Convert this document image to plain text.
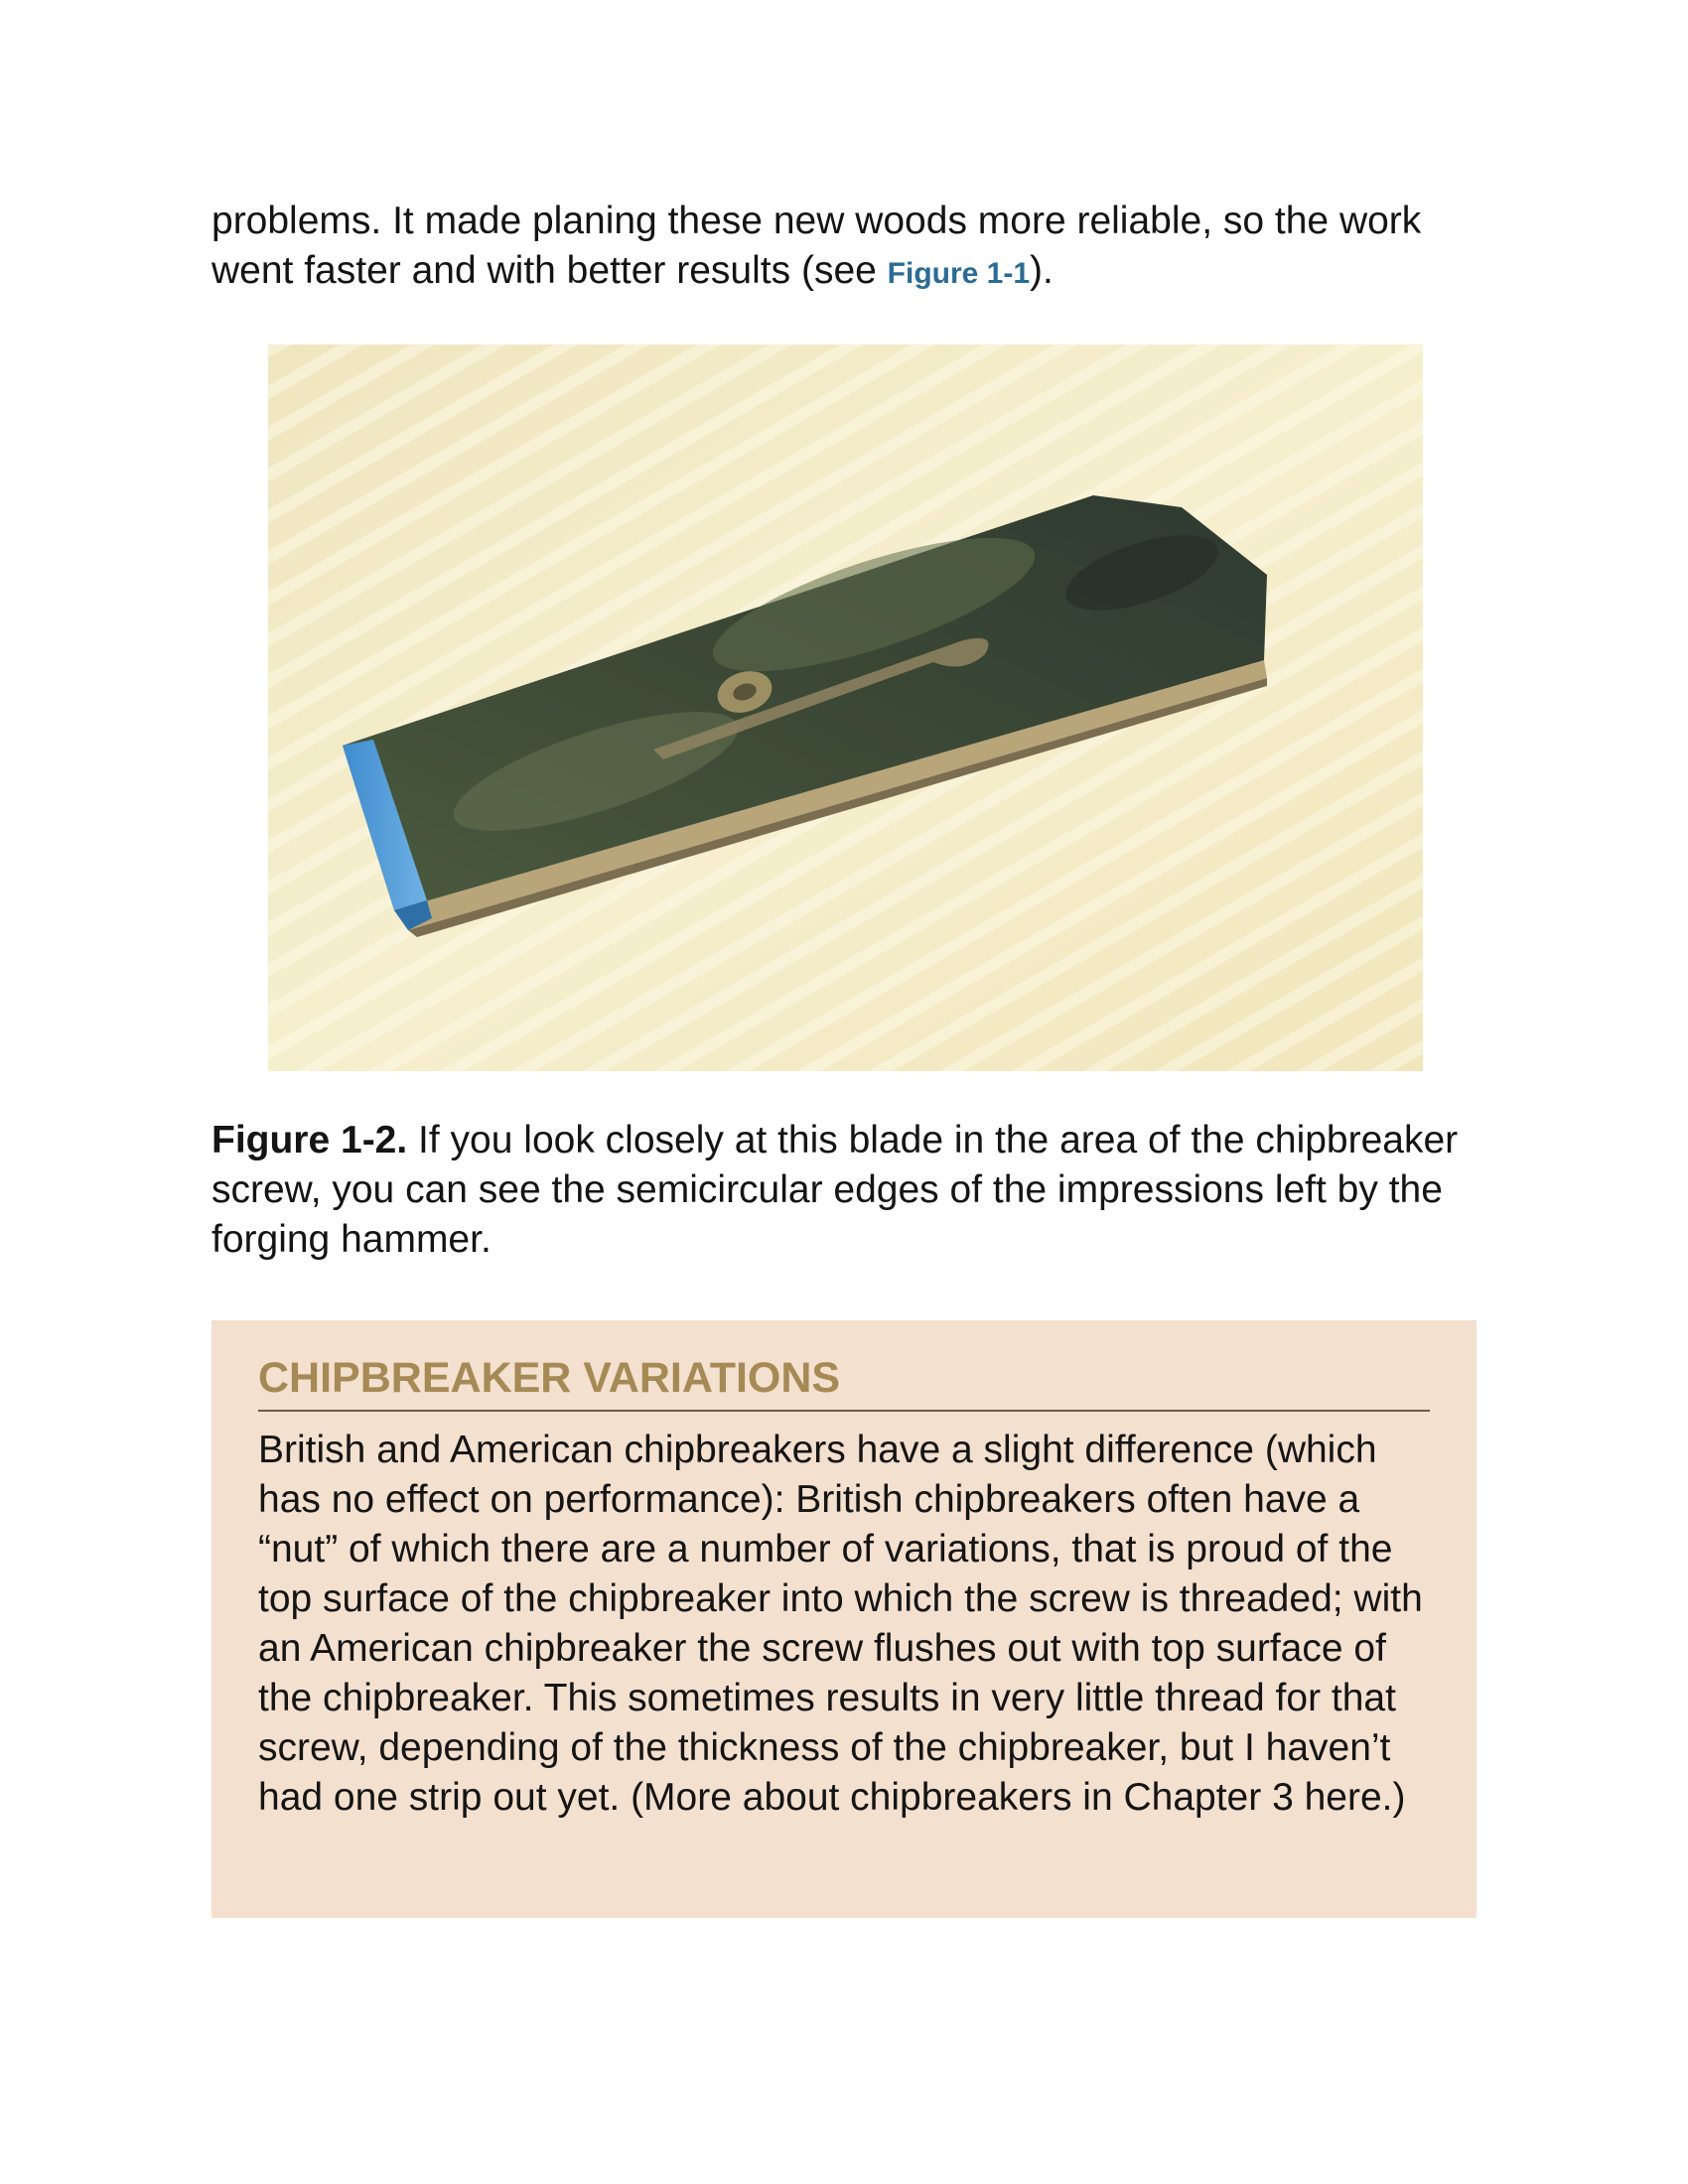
problems. It made planing these new woods more reliable, so the work went faster and with better results (see Figure 1-1).

Figure 1-2. If you look closely at this blade in the area of the chipbreaker screw, you can see the semicircular edges of the impressions left by the forging hammer.

CHIPBREAKER VARIATIONS

British and American chipbreakers have a slight difference (which has no effect on performance): British chipbreakers often have a “nut” of which there are a number of variations, that is proud of the top surface of the chipbreaker into which the screw is threaded; with an American chipbreaker the screw flushes out with top surface of the chipbreaker. This sometimes results in very little thread for that screw, depending of the thickness of the chipbreaker, but I haven’t had one strip out yet. (More about chipbreakers in Chapter 3 here.)
